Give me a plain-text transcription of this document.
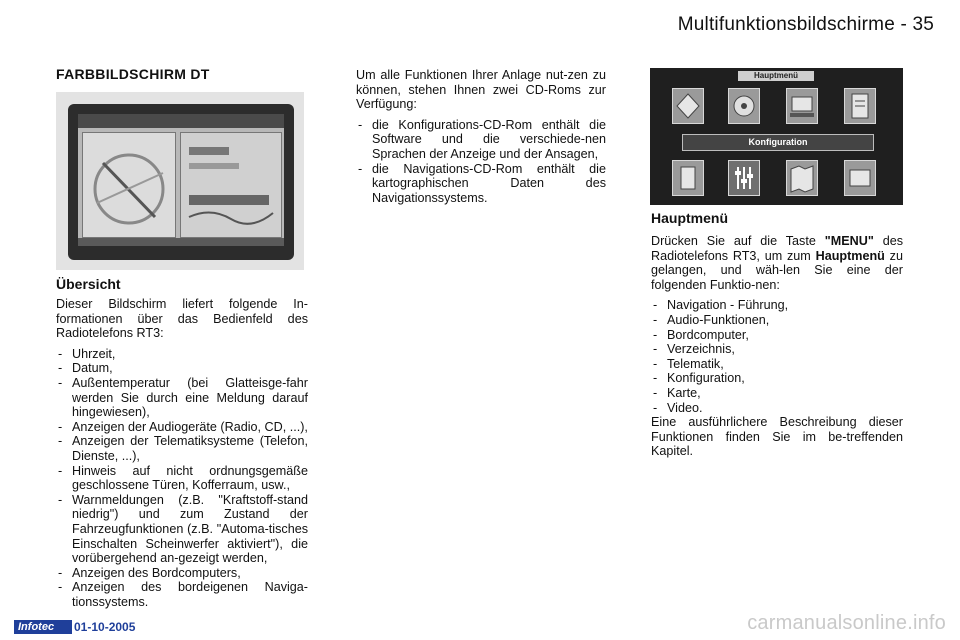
Multifunktionsbildschirme - 35
FARBBILDSCHIRM DT
Übersicht

Dieser Bildschirm liefert folgende In-formationen über das Bedienfeld des Radiotelefons RT3:

- Uhrzeit,
- Datum,
- Außentemperatur (bei Glatteisge-fahr werden Sie durch eine Meldung darauf hingewiesen),
- Anzeigen der Audiogeräte (Radio, CD, ...),
- Anzeigen der Telematiksysteme (Telefon, Dienste, ...),
- Hinweis auf nicht ordnungsgemäße geschlossene Türen, Kofferraum, usw.,
- Warnmeldungen (z.B. "Kraftstoff-stand niedrig") und zum Zustand der Fahrzeugfunktionen (z.B. "Automa-tisches Einschalten Scheinwerfer aktiviert"), die vorübergehend an-gezeigt werden,
- Anzeigen des Bordcomputers,
- Anzeigen des bordeigenen Naviga-tionssystems.

Um alle Funktionen Ihrer Anlage nut-zen zu können, stehen Ihnen zwei CD-Roms zur Verfügung:

- die Konfigurations-CD-Rom enthält die Software und die verschiede-nen Sprachen der Anzeige und der Ansagen,
- die Navigations-CD-Rom enthält die kartographischen Daten des Navigationssystems.
Hauptmenü
Konfiguration
Hauptmenü

Drücken Sie auf die Taste "MENU" des Radiotelefons RT3, um zum Hauptmenü zu gelangen, und wäh-len Sie eine der folgenden Funktio-nen:

- Navigation - Führung,
- Audio-Funktionen,
- Bordcomputer,
- Verzeichnis,
- Telematik,
- Konfiguration,
- Karte,
- Video.

Eine ausführlichere Beschreibung dieser Funktionen finden Sie im be-treffenden Kapitel.

Infotec	01-10-2005	carmanualsonline.info
